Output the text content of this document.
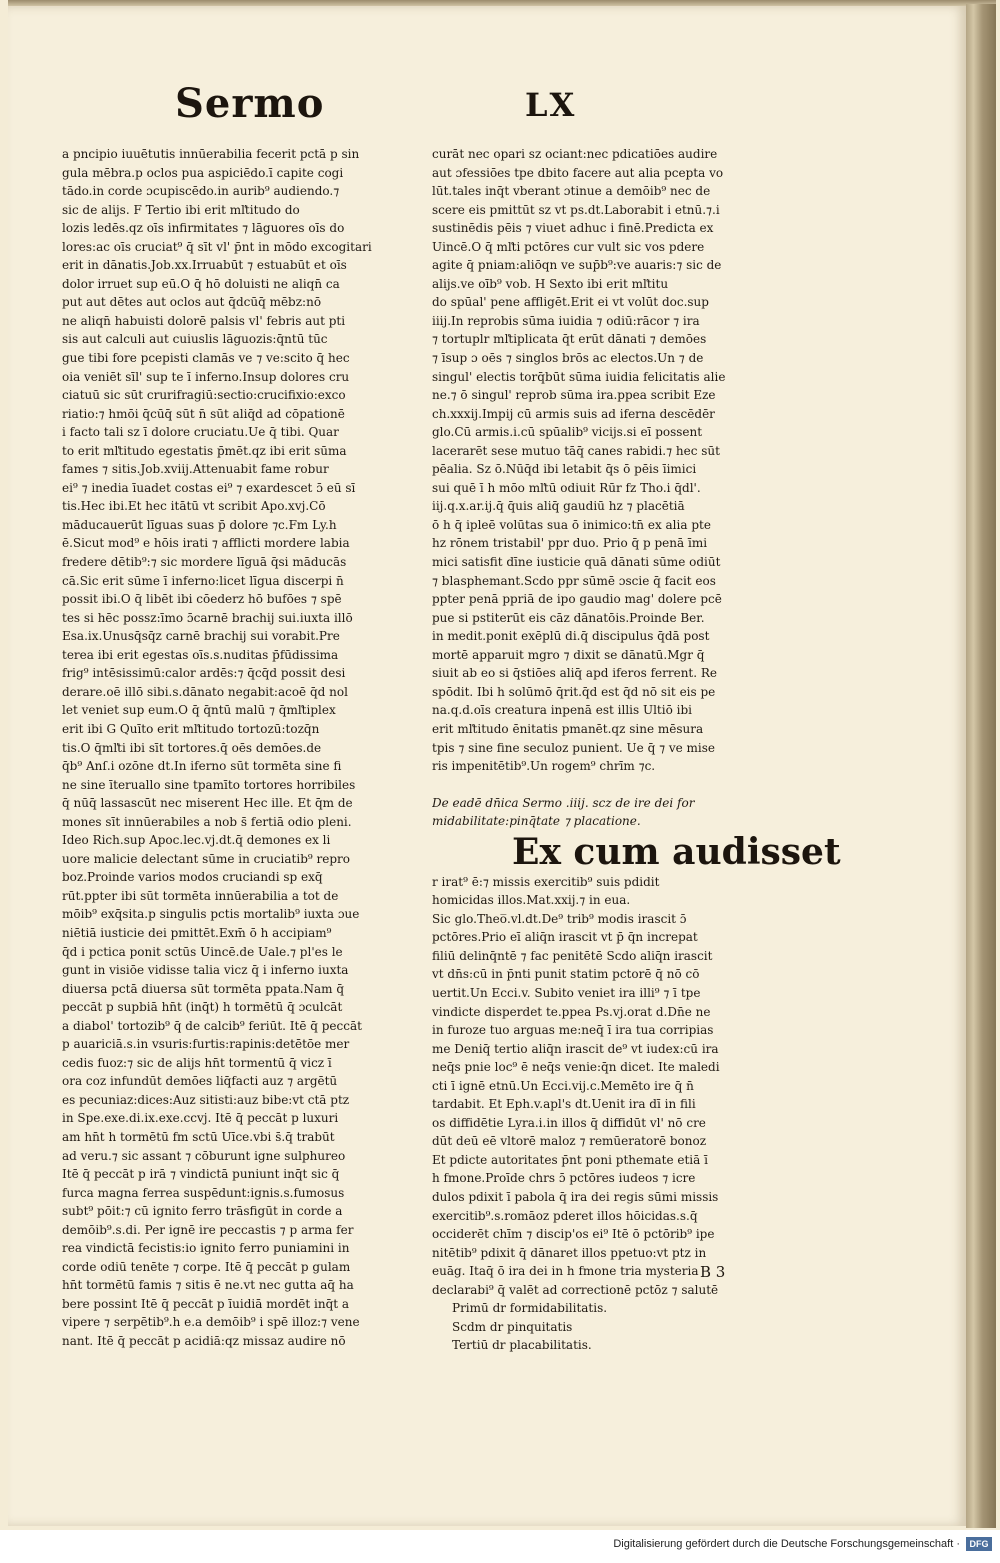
Sermo	LX
a pncipio iuuētutis innūerabilia fecerit pctā p sin
gula mēbra.p oclos pua aspiciēdo.ī capite cogi
tādo.in corde ɔcupiscēdo.in aurib⁹ audiendo.⁊
sic de alijs. F Tertio ibi erit mľtitudo do
lozis ledēs.qz oīs infirmitates ⁊ lāguores oīs do
lores:ac oīs cruciat⁹ q̄ sīt vl' p̄nt in mōdo excogitari
erit in dānatis.Job.xx.Irruabūt ⁊ estuabūt et oīs
dolor irruet sup eū.O q̄ hō doluisti ne aliqn̄ ca
put aut dētes aut oclos aut q̄dcūq̄ mēbz:nō
ne aliqn̄ habuisti dolorē palsis vl' febris aut pti
sis aut calculi aut cuiuslis lāguozis:q̄ntū tūc
gue tibi fore pcepisti clamās ve ⁊ ve:scito q̄ hec
oia veniēt sīl' sup te ī inferno.Insup dolores cru
ciatuū sic sūt crurifragiū:sectio:crucifixio:exco
riatio:⁊ hmōi q̄cūq̄ sūt n̄ sūt aliq̄d ad cōpationē
i facto tali sz ī dolore cruciatu.Ue q̄ tibi. Quar
to erit mľtitudo egestatis p̄mēt.qz ibi erit sūma
fames ⁊ sitis.Job.xviij.Attenuabit fame robur
ei⁹ ⁊ inedia īuadet costas ei⁹ ⁊ exardescet ɔ̄ eū sī
tis.Hec ibi.Et hec itātū vt scribit Apo.xvj.Cō
māducauerūt līguas suas p̄ dolore ⁊c.Fm Ly.h
ē.Sicut mod⁹ e hōis irati ⁊ afflicti mordere labia
fredere dētib⁹:⁊ sic mordere līguā q̄si māducās
cā.Sic erit sūme ī inferno:licet līgua discerpi n̄
possit ibi.O q̄ libēt ibi cōederz hō bufōes ⁊ spē
tes si hēc possz:īmo ɔ̄carnē brachij sui.iuxta illō
Esa.ix.Unusq̄sq̄z carnē brachij sui vorabit.Pre
terea ibi erit egestas oīs.s.nuditas p̄fūdissima
frig⁹ intēsissimū:calor ardēs:⁊ q̄cq̄d possit desi
derare.oē illō sibi.s.dānato negabit:acoē q̄d nol
let veniet sup eum.O q̄ q̄ntū malū ⁊ q̄mľtiplex
erit ibi G Quīto erit mľtitudo tortozū:tozq̄n
tis.O q̄mľti ibi sīt tortores.q̄ oēs demōes.de
q̄b⁹ Anſ.i ozōne dt.In iferno sūt tormēta sine fi
ne sine īteruallo sine tpamīto tortores horribiles
q̄ nūq̄ lassascūt nec miserent Hec ille. Et q̄m de
mones sīt innūerabiles a nob s̄ fertiā odio pleni.
Ideo Rich.sup Apoc.lec.vj.dt.q̄ demones ex li
uore malicie delectant sūme in cruciatib⁹ repro
boz.Proinde varios modos cruciandi sp exq̄
rūt.ppter ibi sūt tormēta innūerabilia a tot de
mōib⁹ exq̄sita.p singulis pctis mortalib⁹ iuxta ɔue
niētiā iusticie dei pmittēt.Exm̄ ō h accipiam⁹
q̄d i pctica ponit sctūs Uincē.de Uale.⁊ pl'es le
gunt in visiōe vidisse talia vicz q̄ i inferno iuxta
diuersa pctā diuersa sūt tormēta ppata.Nam q̄
peccāt p supbiā hn̄t (inq̄t) h tormētū q̄ ɔculcāt
a diabol' tortozib⁹ q̄ de calcib⁹ feriūt. Itē q̄ peccāt
p auariciā.s.in vsuris:furtis:rapinis:detētōe mer
cedis fuoz:⁊ sic de alijs hn̄t tormentū q̄ vicz ī
ora coz infundūt demōes liq̄facti auz ⁊ argētū
es pecuniaz:dices:Auz sitisti:auz bibe:vt ctā ptz
in Spe.exe.di.ix.exe.ccvj. Itē q̄ peccāt p luxuri
am hn̄t h tormētū fm sctū Uīce.vbi s̄.q̄ trabūt
ad veru.⁊ sic assant ⁊ cōburunt igne sulphureo
Itē q̄ peccāt p irā ⁊ vindictā puniunt inq̄t sic q̄
furca magna ferrea suspēdunt:ignis.s.fumosus
subt⁹ pōit:⁊ cū ignito ferro trāsfigūt in corde a
demōib⁹.s.di. Per ignē ire peccastis ⁊ p arma fer
rea vindictā fecistis:io ignito ferro puniamini in
corde odiū tenēte ⁊ corpe. Itē q̄ peccāt p gulam
hn̄t tormētū famis ⁊ sitis ē ne.vt nec gutta aq̄ ha
bere possint Itē q̄ peccāt p īuidiā mordēt inq̄t a
vipere ⁊ serpētib⁹.h e.a demōib⁹ i spē illoz:⁊ vene
nant. Itē q̄ peccāt p acidiā:qz missaz audire nō
curāt nec opari sz ociant:nec pdicatiōes audire
aut ɔfessiōes tpe dbito facere aut alia pcepta vo
lūt.tales inq̄t vberant ɔtinue a demōib⁹ nec de
scere eis pmittūt sz vt ps.dt.Laborabit i etnū.⁊.i
sustinēdis pēis ⁊ viuet adhuc i finē.Predicta ex
Uincē.O q̄ mľti pctōres cur vult sic vos pdere
agite q̄ pniam:aliōqn ve sup̄b⁹:ve auaris:⁊ sic de
alijs.ve oīb⁹ vob. H Sexto ibi erit mľtitu
do spūal' pene affligēt.Erit ei vt volūt doc.sup
iiij.In reprobis sūma iuidia ⁊ odiū:rācor ⁊ ira
⁊ tortuplr mľtiplicata q̄t erūt dānati ⁊ demōes
⁊ īsup ɔ oēs ⁊ singlos brōs ac electos.Un ⁊ de
singul' electis torq̄būt sūma iuidia felicitatis alie
ne.⁊ ō singul' reprob sūma ira.ppea scribit Eze
ch.xxxij.Impij cū armis suis ad iferna descēdēr
glo.Cū armis.i.cū spūalib⁹ vicijs.si eī possent
lacerarēt sese mutuo tāq̄ canes rabidi.⁊ hec sūt
pēalia. Sz ō.Nūq̄d ibi letabit q̄s ō pēis īimici
sui quē ī h mōo mľtū odiuit Rūr fz Tho.i q̄dl'.
iij.q.x.ar.ij.q̄ q̄uis aliq̄ gaudiū hz ⁊ placētiā
ō h q̄ ipleē volūtas sua ō inimico:tn̄ ex alia pte
hz rōnem tristabil' ppr duo. Prio q̄ p penā īmi
mici satisfit dīne iusticie quā dānati sūme odiūt
⁊ blasphemant.Scdo ppr sūmē ɔscie q̄ facit eos
ppter penā ppriā de ipo gaudio mag' dolere pcē
pue si pstiterūt eis cāz dānatōis.Proinde Ber.
in medit.ponit exēplū di.q̄ discipulus q̄dā post
mortē apparuit mgro ⁊ dixit se dānatū.Mgr q̄
siuit ab eo si q̄stiōes aliq̄ apd iferos ferrent. Re
spōdit. Ibi h solūmō q̄rit.q̄d est q̄d nō sit eis pe
na.q.d.oīs creatura inpenā est illis Ultiō ibi
erit mľtitudo ēnitatis pmanēt.qz sine mēsura
tpis ⁊ sine fine seculoz punient. Ue q̄ ⁊ ve mise
ris impenitētib⁹.Un rogem⁹ chrīm ⁊c.
De eadē dn̄ica Sermo .iiij. scz de ire dei for
midabilitate:pinq̄tate ⁊ placatione.
Ex cum audisset
r irat⁹ ē:⁊ missis exercitib⁹ suis pdidit
homicidas illos.Mat.xxij.⁊ in eua.
Sic glo.Theo̅.vl.dt.De⁹ trib⁹ modis irascit ɔ̄
pctōres.Prio eī aliq̄n irascit vt p̄ q̄n increpat
filiū delinq̄ntē ⁊ fac penitētē Scdo aliq̄n irascit
vt dn̄s:cū in p̄nti punit statim pctorē q̄ nō cō
uertit.Un Ecci.v. Subito veniet ira illi⁹ ⁊ ī tpe
vindicte disperdet te.ppea Ps.vj.orat d.Dn̄e ne
in furoze tuo arguas me:neq̄ ī ira tua corripias
me Deniq̄ tertio aliq̄n irascit de⁹ vt iudex:cū ira
neq̄s pnie loc⁹ ē neq̄s venie:q̄n dicet. Ite maledi
cti ī ignē etnū.Un Ecci.vij.c.Memēto ire q̄ n̄
tardabit. Et Eph.v.apl's dt.Uenit ira dī in fili
os diffidētie Lyra.i.in illos q̄ diffidūt vl' nō cre
dūt deū eē vltorē maloz ⁊ remūeratorē bonoz
Et pdicte autoritates p̄nt poni pthemate etiā ī
h fmone.Proīde chrs ɔ̄ pctōres iudeos ⁊ icre
dulos pdixit ī pabola q̄ ira dei regis sūmi missis
exercitib⁹.s.romāoz pderet illos hōicidas.s.q̄
occiderēt chīm ⁊ discip'os ei⁹ Itē ō pctōrib⁹ ipe
nitētib⁹ pdixit q̄ dānaret illos ppetuo:vt ptz in
euāg. Itaq̄ ō ira dei in h fmone tria mysteria
declarabi⁹ q̄ valēt ad correctionē pctōz ⁊ salutē
Primū dr formidabilitatis.
Scdm dr pinquitatis
Tertiū dr placabilitatis.
B 3
Digitalisierung gefördert durch die Deutsche Forschungsgemeinschaft ·	DFG
